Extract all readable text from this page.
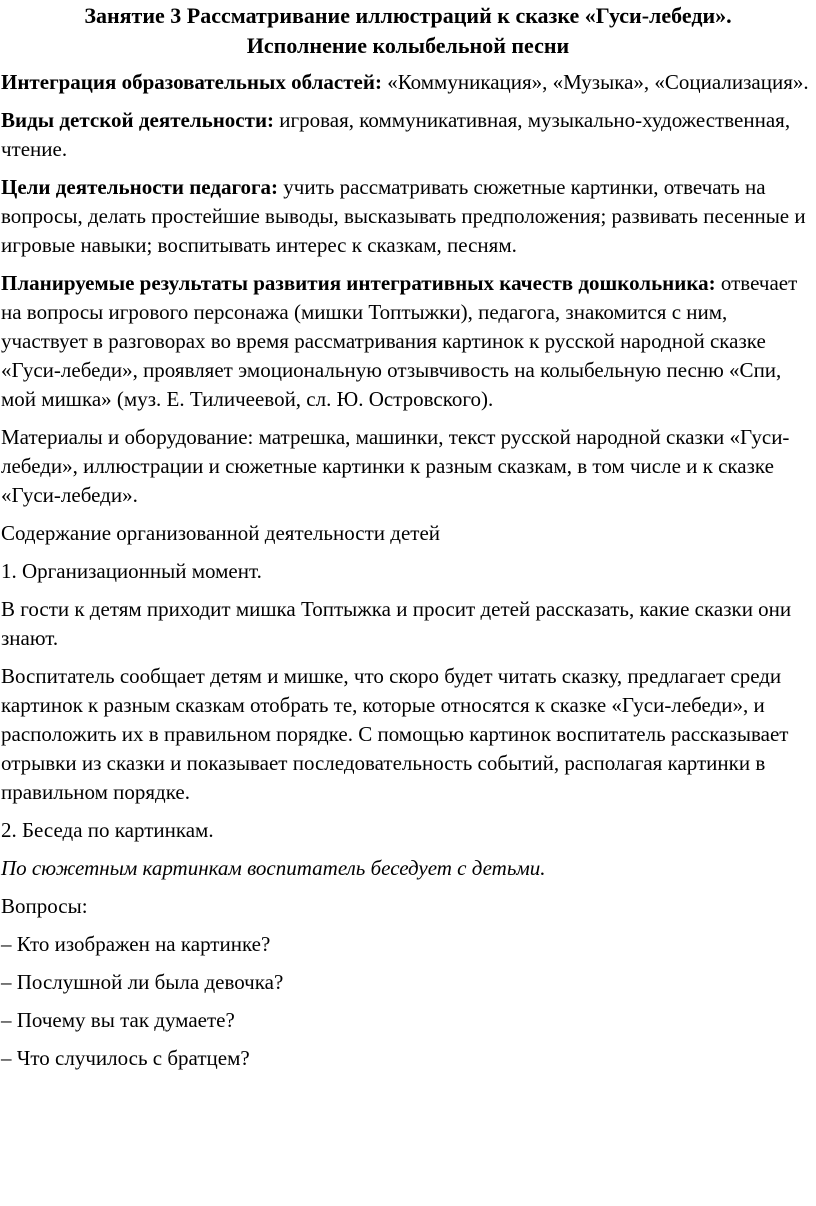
Занятие 3 Рассматривание иллюстраций к сказке «Гуси-лебеди».
Исполнение колыбельной песни

Интеграция образовательных областей: «Коммуникация», «Музыка», «Социализация».

Виды детской деятельности: игровая, коммуникативная, музыкально-художественная, чтение.

Цели деятельности педагога: учить рассматривать сюжетные картинки, отвечать на вопросы, делать простейшие выводы, высказывать предположения; развивать песенные и игровые навыки; воспитывать интерес к сказкам, песням.

Планируемые результаты развития интегративных качеств дошкольника: отвечает на вопросы игрового персонажа (мишки Топтыжки), педагога, знакомится с ним, участвует в разговорах во время рассматривания картинок к русской народной сказке «Гуси-лебеди», проявляет эмоциональную отзывчивость на колыбельную песню «Спи, мой мишка» (муз. Е. Тиличеевой, сл. Ю. Островского).

Материалы и оборудование: матрешка, машинки, текст русской народной сказки «Гуси-лебеди», иллюстрации и сюжетные картинки к разным сказкам, в том числе и к сказке «Гуси-лебеди».

Содержание организованной деятельности детей

1. Организационный момент.

В гости к детям приходит мишка Топтыжка и просит детей рассказать, какие сказки они знают.

Воспитатель сообщает детям и мишке, что скоро будет читать сказку, предлагает среди картинок к разным сказкам отобрать те, которые относятся к сказке «Гуси-лебеди», и расположить их в правильном порядке. С помощью картинок воспитатель рассказывает отрывки из сказки и показывает последовательность событий, располагая картинки в правильном порядке.

2. Беседа по картинкам.

По сюжетным картинкам воспитатель беседует с детьми.

Вопросы:

– Кто изображен на картинке?

– Послушной ли была девочка?

– Почему вы так думаете?

– Что случилось с братцем?
